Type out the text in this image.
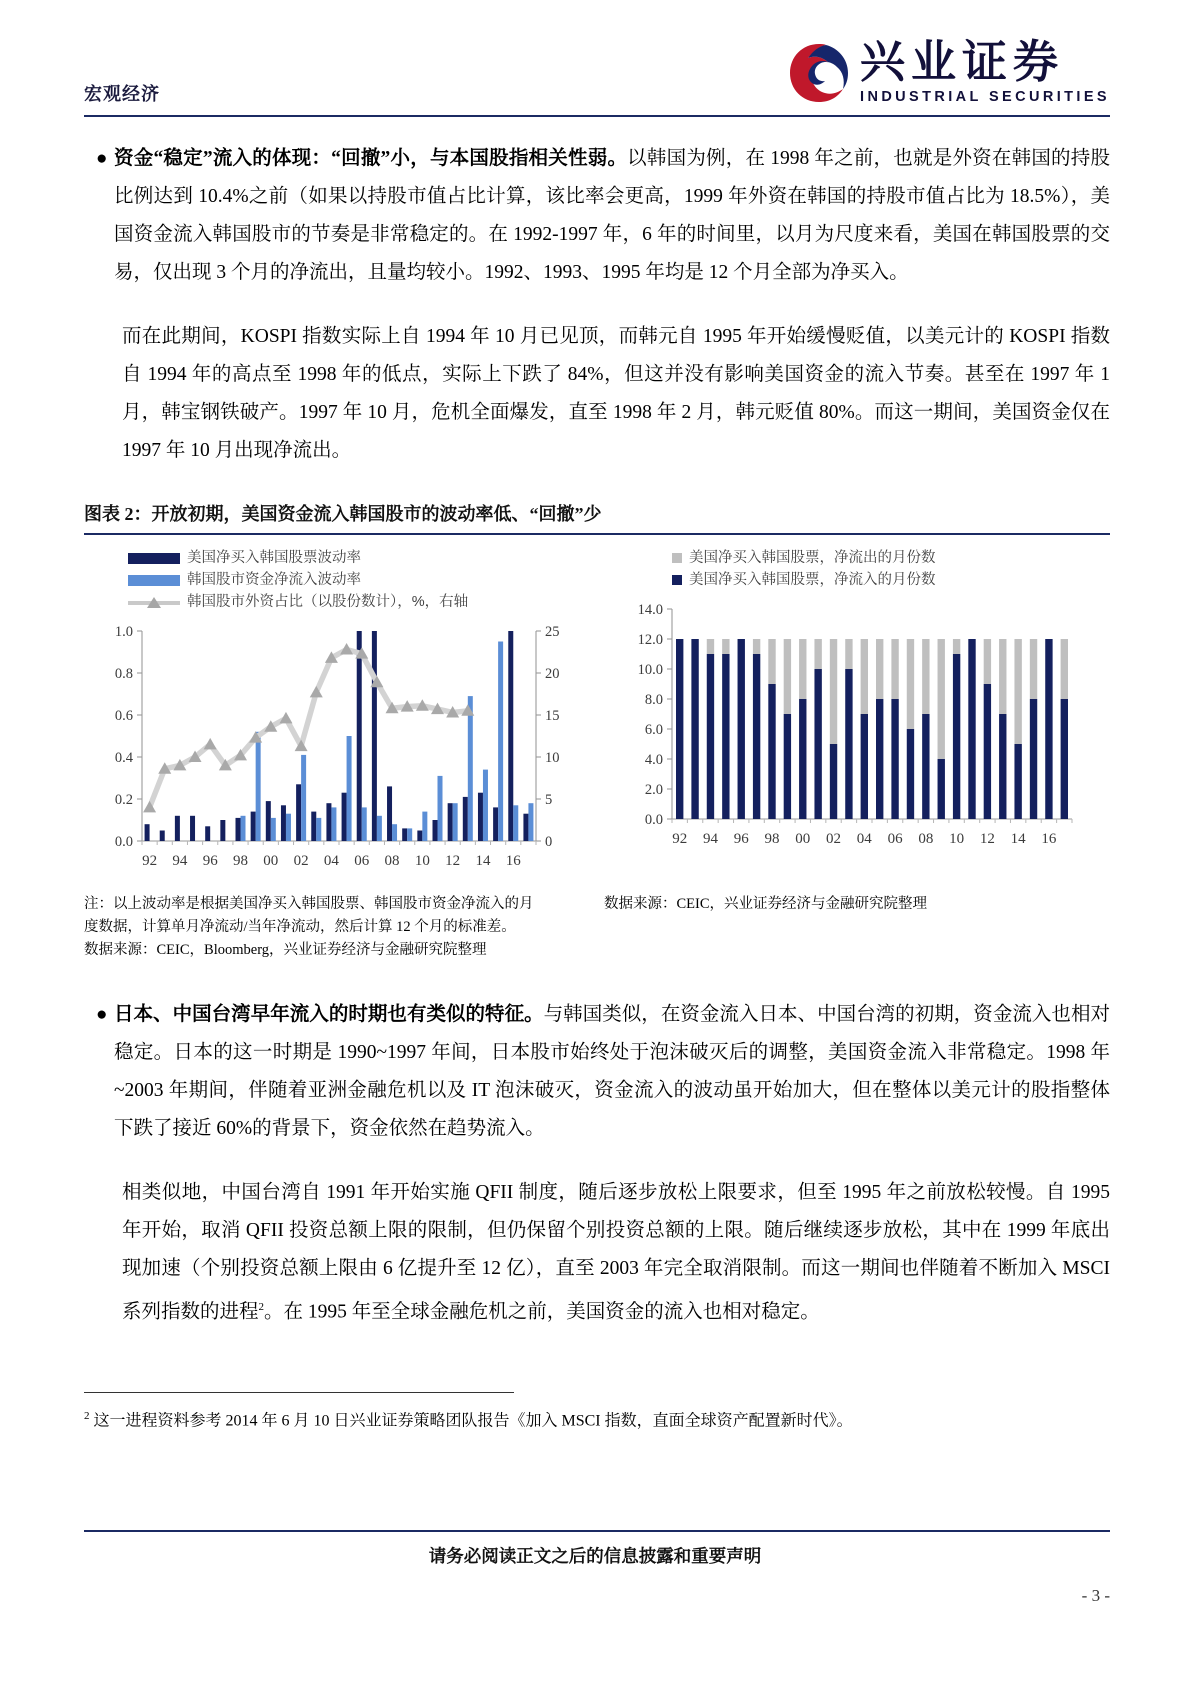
宏观经济
兴业证券
INDUSTRIAL SECURITIES
● 资金“稳定”流入的体现：“回撤”小，与本国股指相关性弱。以韩国为例，在 1998 年之前，也就是外资在韩国的持股比例达到 10.4%之前（如果以持股市值占比计算，该比率会更高，1999 年外资在韩国的持股市值占比为 18.5%），美国资金流入韩国股市的节奏是非常稳定的。在 1992-1997 年，6 年的时间里，以月为尺度来看，美国在韩国股票的交易，仅出现 3 个月的净流出，且量均较小。1992、1993、1995 年均是 12 个月全部为净买入。
而在此期间，KOSPI 指数实际上自 1994 年 10 月已见顶，而韩元自 1995 年开始缓慢贬值，以美元计的 KOSPI 指数自 1994 年的高点至 1998 年的低点，实际上下跌了 84%，但这并没有影响美国资金的流入节奏。甚至在 1997 年 1 月，韩宝钢铁破产。1997 年 10 月，危机全面爆发，直至 1998 年 2 月，韩元贬值 80%。而这一期间，美国资金仅在 1997 年 10 月出现净流出。
图表 2：开放初期，美国资金流入韩国股市的波动率低、“回撤”少
美国净买入韩国股票波动率
韩国股市资金净流入波动率
韩国股市外资占比（以股份数计），%，右轴
0.0
0.2
0.4
0.6
0.8
1.0
0
5
10
15
20
25
92 94 96 98 00 02 04 06 08 10 12 14 16
美国净买入韩国股票，净流出的月份数
美国净买入韩国股票，净流入的月份数
0.0
2.0
4.0
6.0
8.0
10.0
12.0
14.0
92 94 96 98 00 02 04 06 08 10 12 14 16
注：以上波动率是根据美国净买入韩国股票、韩国股市资金净流入的月
度数据，计算单月净流动/当年净流动，然后计算 12 个月的标准差。
数据来源：CEIC，Bloomberg，兴业证券经济与金融研究院整理
数据来源：CEIC，兴业证券经济与金融研究院整理
● 日本、中国台湾早年流入的时期也有类似的特征。与韩国类似，在资金流入日本、中国台湾的初期，资金流入也相对稳定。日本的这一时期是 1990~1997 年间，日本股市始终处于泡沫破灭后的调整，美国资金流入非常稳定。1998 年~2003 年期间，伴随着亚洲金融危机以及 IT 泡沫破灭，资金流入的波动虽开始加大，但在整体以美元计的股指整体下跌了接近 60%的背景下，资金依然在趋势流入。
相类似地，中国台湾自 1991 年开始实施 QFII 制度，随后逐步放松上限要求，但至 1995 年之前放松较慢。自 1995 年开始，取消 QFII 投资总额上限的限制，但仍保留个别投资总额的上限。随后继续逐步放松，其中在 1999 年底出现加速（个别投资总额上限由 6 亿提升至 12 亿），直至 2003 年完全取消限制。而这一期间也伴随着不断加入 MSCI 系列指数的进程$^2$。在 1995 年至全球金融危机之前，美国资金的流入也相对稳定。
$^2$ 这一进程资料参考 2014 年 6 月 10 日兴业证券策略团队报告《加入 MSCI 指数，直面全球资产配置新时代》。
请务必阅读正文之后的信息披露和重要声明
- 3 -
